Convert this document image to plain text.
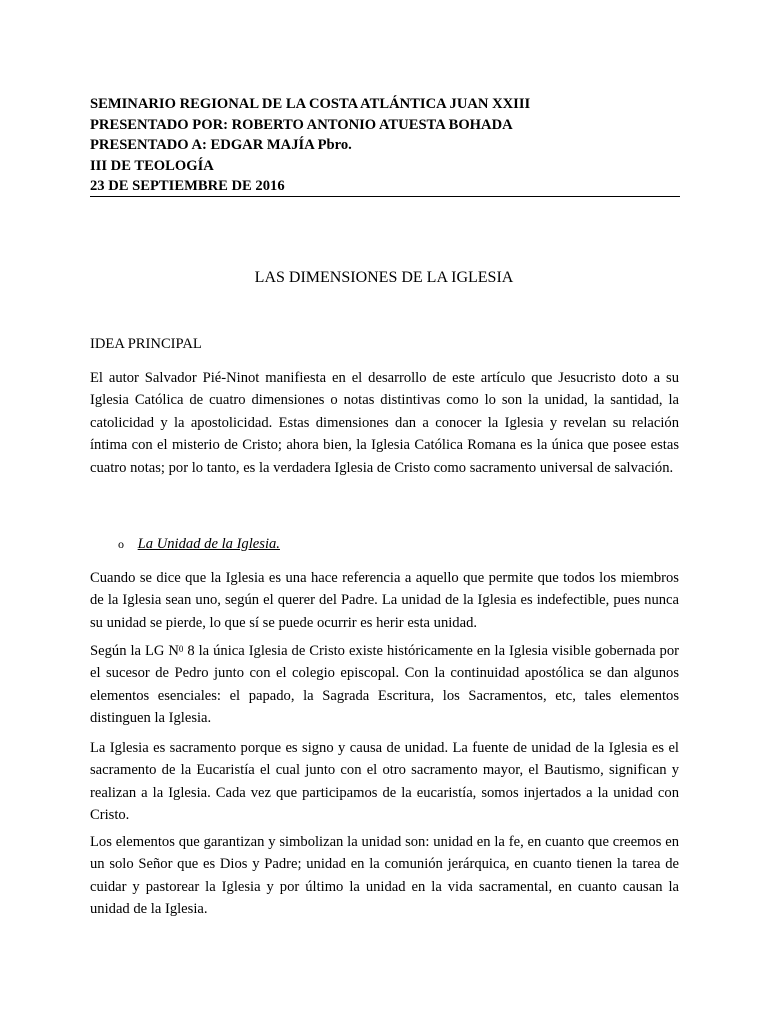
SEMINARIO REGIONAL DE LA COSTA ATLÁNTICA JUAN XXIII
PRESENTADO POR: ROBERTO ANTONIO ATUESTA BOHADA
PRESENTADO A: EDGAR MAJÍA Pbro.
III DE TEOLOGÍA
23 DE SEPTIEMBRE DE 2016
LAS DIMENSIONES DE LA IGLESIA
IDEA PRINCIPAL

El autor Salvador Pié-Ninot manifiesta en el desarrollo de este artículo que Jesucristo doto a su Iglesia Católica de cuatro dimensiones o notas distintivas como lo son la unidad, la santidad, la catolicidad y la apostolicidad. Estas dimensiones dan a conocer la Iglesia y revelan su relación íntima con el misterio de Cristo; ahora bien, la Iglesia Católica Romana es la única que posee estas cuatro notas; por lo tanto, es la verdadera Iglesia de Cristo como sacramento universal de salvación.

o La Unidad de la Iglesia.

Cuando se dice que la Iglesia es una hace referencia a aquello que permite que todos los miembros de la Iglesia sean uno, según el querer del Padre. La unidad de la Iglesia es indefectible, pues nunca su unidad se pierde, lo que sí se puede ocurrir es herir esta unidad.

Según la LG $N^0$ 8 la única Iglesia de Cristo existe históricamente en la Iglesia visible gobernada por el sucesor de Pedro junto con el colegio episcopal. Con la continuidad apostólica se dan algunos elementos esenciales: el papado, la Sagrada Escritura, los Sacramentos, etc, tales elementos distinguen la Iglesia.

La Iglesia es sacramento porque es signo y causa de unidad. La fuente de unidad de la Iglesia es el sacramento de la Eucaristía el cual junto con el otro sacramento mayor, el Bautismo, significan y realizan a la Iglesia. Cada vez que participamos de la eucaristía, somos injertados a la unidad con Cristo.

Los elementos que garantizan y simbolizan la unidad son: unidad en la fe, en cuanto que creemos en un solo Señor que es Dios y Padre; unidad en la comunión jerárquica, en cuanto tienen la tarea de cuidar y pastorear la Iglesia y por último la unidad en la vida sacramental, en cuanto causan la unidad de la Iglesia.
